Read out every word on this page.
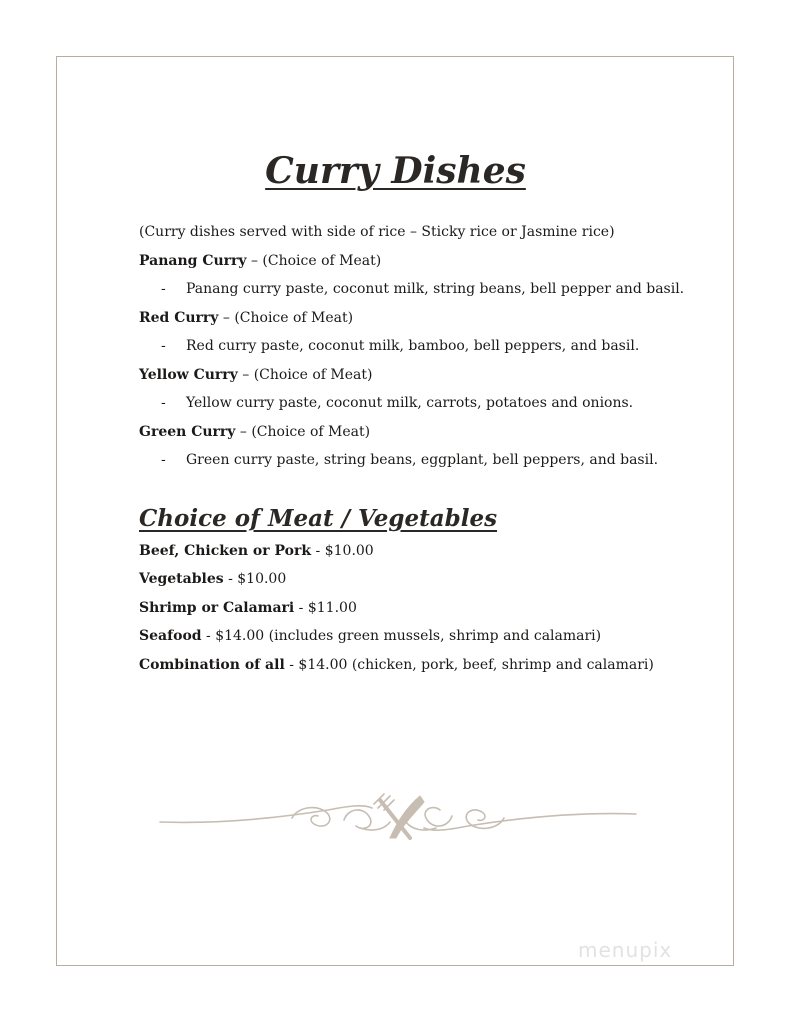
Curry Dishes
(Curry dishes served with side of rice – Sticky rice or Jasmine rice)
Panang Curry – (Choice of Meat)
- Panang curry paste, coconut milk, string beans, bell pepper and basil.
Red Curry – (Choice of Meat)
- Red curry paste, coconut milk, bamboo, bell peppers, and basil.
Yellow Curry – (Choice of Meat)
- Yellow curry paste, coconut milk, carrots, potatoes and onions.
Green Curry – (Choice of Meat)
- Green curry paste, string beans, eggplant, bell peppers, and basil.
Choice of Meat / Vegetables
Beef, Chicken or Pork - $10.00
Vegetables - $10.00
Shrimp or Calamari - $11.00
Seafood - $14.00 (includes green mussels, shrimp and calamari)
Combination of all - $14.00 (chicken, pork, beef, shrimp and calamari)
menupix
